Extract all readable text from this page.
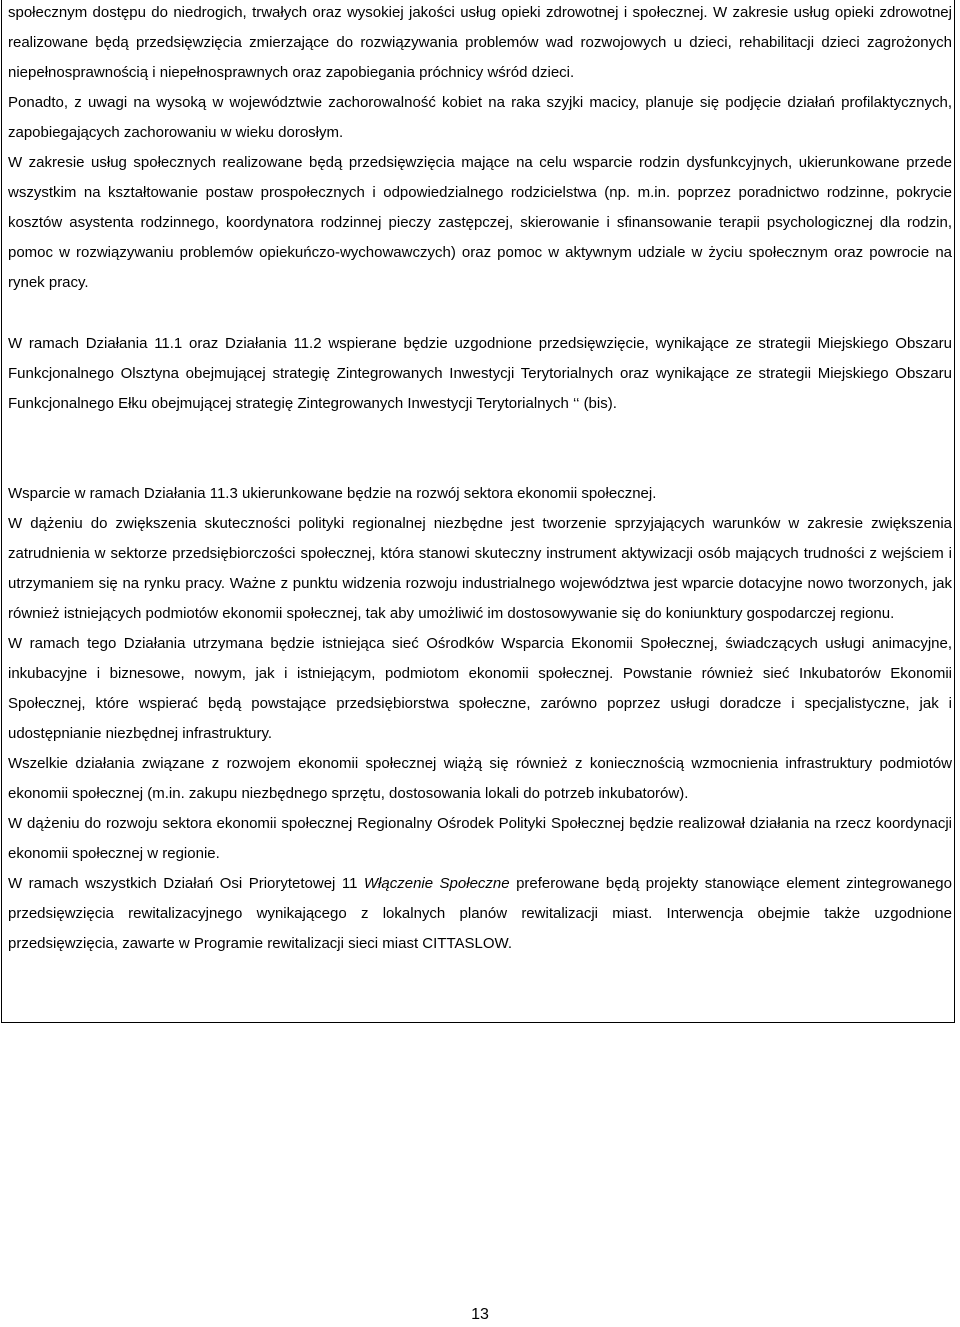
społecznym dostępu do niedrogich, trwałych oraz wysokiej jakości usług opieki zdrowotnej i społecznej. W zakresie usług opieki zdrowotnej realizowane będą przedsięwzięcia zmierzające do rozwiązywania problemów wad rozwojowych u dzieci, rehabilitacji dzieci zagrożonych niepełnosprawnością i niepełnosprawnych oraz zapobiegania próchnicy wśród dzieci.

Ponadto, z uwagi na wysoką w województwie zachorowalność kobiet na raka szyjki macicy, planuje się podjęcie działań profilaktycznych, zapobiegających zachorowaniu w wieku dorosłym.

W zakresie usług społecznych realizowane będą przedsięwzięcia mające na celu wsparcie rodzin dysfunkcyjnych, ukierunkowane przede wszystkim na kształtowanie postaw prospołecznych i odpowiedzialnego rodzicielstwa (np. m.in. poprzez poradnictwo rodzinne, pokrycie kosztów asystenta rodzinnego, koordynatora rodzinnej pieczy zastępczej, skierowanie i sfinansowanie terapii psychologicznej dla rodzin, pomoc w rozwiązywaniu problemów opiekuńczo-wychowawczych) oraz pomoc w aktywnym udziale w życiu społecznym oraz powrocie na rynek pracy.

W ramach Działania 11.1 oraz Działania 11.2 wspierane będzie uzgodnione przedsięwzięcie, wynikające ze strategii Miejskiego Obszaru Funkcjonalnego Olsztyna obejmującej strategię Zintegrowanych Inwestycji Terytorialnych oraz wynikające ze strategii Miejskiego Obszaru Funkcjonalnego Ełku obejmującej strategię Zintegrowanych Inwestycji Terytorialnych ‘‘ (bis).

Wsparcie w ramach Działania 11.3 ukierunkowane będzie na rozwój sektora ekonomii społecznej.

W dążeniu do zwiększenia skuteczności polityki regionalnej niezbędne jest tworzenie sprzyjających warunków w zakresie zwiększenia zatrudnienia w sektorze przedsiębiorczości społecznej, która stanowi skuteczny instrument aktywizacji osób mających trudności z wejściem i utrzymaniem się na rynku pracy. Ważne z punktu widzenia rozwoju industrialnego województwa jest wparcie dotacyjne nowo tworzonych, jak również istniejących podmiotów ekonomii społecznej, tak aby umożliwić im dostosowywanie się do koniunktury gospodarczej regionu.

W ramach tego Działania utrzymana będzie istniejąca sieć Ośrodków Wsparcia Ekonomii Społecznej, świadczących usługi animacyjne, inkubacyjne i biznesowe, nowym, jak i istniejącym, podmiotom ekonomii społecznej. Powstanie również sieć Inkubatorów Ekonomii Społecznej, które wspierać będą powstające przedsiębiorstwa społeczne, zarówno poprzez usługi doradcze i specjalistyczne, jak i udostępnianie niezbędnej infrastruktury.

Wszelkie działania związane z rozwojem ekonomii społecznej wiążą się również z koniecznością wzmocnienia infrastruktury podmiotów ekonomii społecznej (m.in. zakupu niezbędnego sprzętu, dostosowania lokali do potrzeb inkubatorów).

W dążeniu do rozwoju sektora ekonomii społecznej Regionalny Ośrodek Polityki Społecznej będzie realizował działania na rzecz koordynacji ekonomii społecznej w regionie.

W ramach wszystkich Działań Osi Priorytetowej 11 Włączenie Społeczne preferowane będą projekty stanowiące element zintegrowanego przedsięwzięcia rewitalizacyjnego wynikającego z lokalnych planów rewitalizacji miast. Interwencja obejmie także uzgodnione przedsięwzięcia, zawarte w Programie rewitalizacji sieci miast CITTASLOW.

13
